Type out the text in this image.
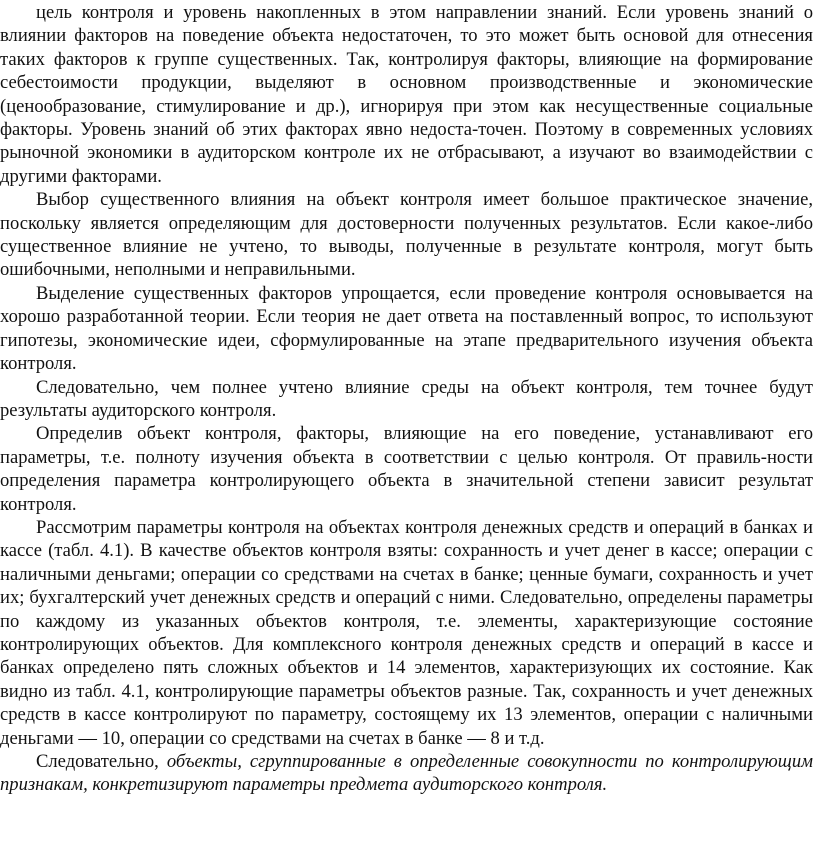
цель контроля и уровень накопленных в этом направлении знаний. Если уровень знаний о влиянии факторов на поведение объекта недостаточен, то это может быть основой для отнесения таких факторов к группе существенных. Так, контролируя факторы, влияющие на формирование себестоимости продукции, выделяют в основном производственные и экономические (ценообразование, стимулирование и др.), игнорируя при этом как несущественные социальные факторы. Уровень знаний об этих факторах явно недоста-точен. Поэтому в современных условиях рыночной экономики в аудиторском контроле их не отбрасывают, а изучают во взаимодействии с другими факторами.

Выбор существенного влияния на объект контроля имеет большое практическое значение, поскольку является определяющим для достоверности полученных результатов. Если какое-либо существенное влияние не учтено, то выводы, полученные в результате контроля, могут быть ошибочными, неполными и неправильными.

Выделение существенных факторов упрощается, если проведение контроля основывается на хорошо разработанной теории. Если теория не дает ответа на поставленный вопрос, то используют гипотезы, экономические идеи, сформулированные на этапе предварительного изучения объекта контроля.

Следовательно, чем полнее учтено влияние среды на объект контроля, тем точнее будут результаты аудиторского контроля.

Определив объект контроля, факторы, влияющие на его поведение, устанавливают его параметры, т.е. полноту изучения объекта в соответствии с целью контроля. От правиль-ности определения параметра контролирующего объекта в значительной степени зависит результат контроля.

Рассмотрим параметры контроля на объектах контроля денежных средств и операций в банках и кассе (табл. 4.1). В качестве объектов контроля взяты: сохранность и учет денег в кассе; операции с наличными деньгами; операции со средствами на счетах в банке; ценные бумаги, сохранность и учет их; бухгалтерский учет денежных средств и операций с ними. Следовательно, определены параметры по каждому из указанных объектов контроля, т.е. элементы, характеризующие состояние контролирующих объектов. Для комплексного контроля денежных средств и операций в кассе и банках определено пять сложных объектов и 14 элементов, характеризующих их состояние. Как видно из табл. 4.1, контролирующие параметры объектов разные. Так, сохранность и учет денежных средств в кассе контролируют по параметру, состоящему их 13 элементов, операции с наличными деньгами — 10, операции со средствами на счетах в банке — 8 и т.д.

Следовательно, объекты, сгруппированные в определенные совокупности по контролирующим признакам, конкретизируют параметры предмета аудиторского контроля.
